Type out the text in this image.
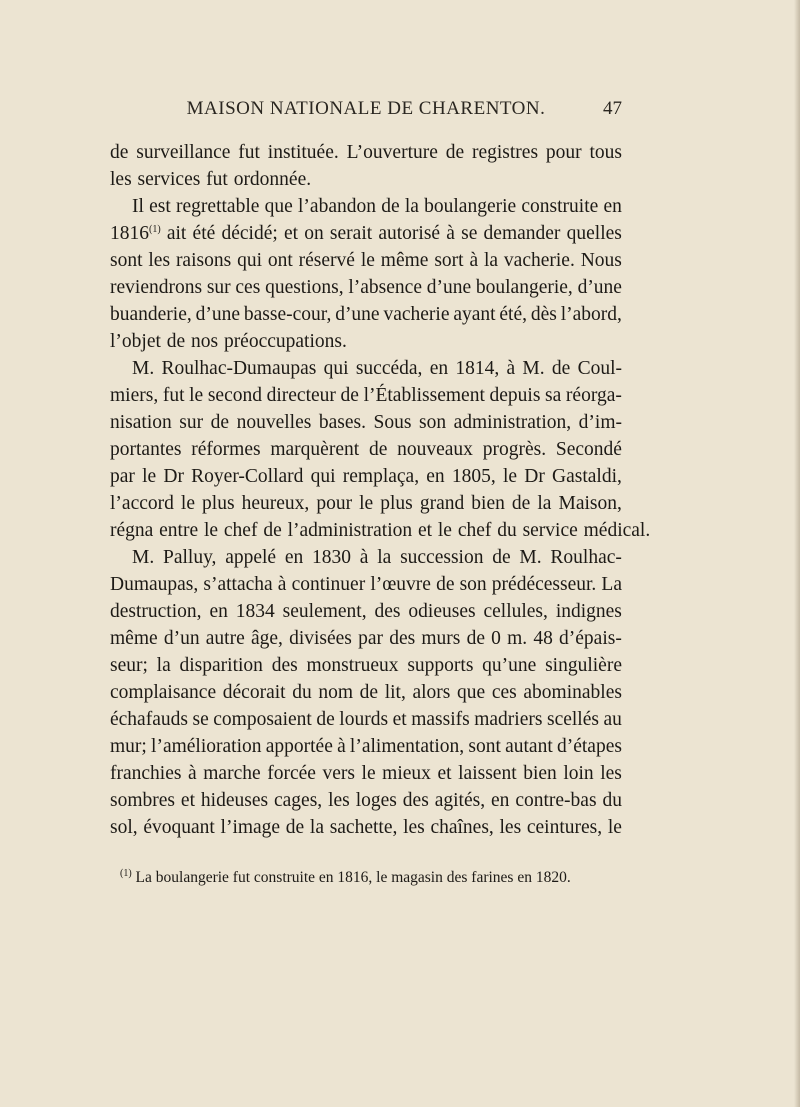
MAISON NATIONALE DE CHARENTON.	47
de surveillance fut instituée. L’ouverture de registres pour tous
les services fut ordonnée.
Il est regrettable que l’abandon de la boulangerie construite en
1816(1) ait été décidé; et on serait autorisé à se demander quelles
sont les raisons qui ont réservé le même sort à la vacherie. Nous
reviendrons sur ces questions, l’absence d’une boulangerie, d’une
buanderie, d’une basse-cour, d’une vacherie ayant été, dès l’abord,
l’objet de nos préoccupations.
M. Roulhac-Dumaupas qui succéda, en 1814, à M. de Coul-
miers, fut le second directeur de l’Établissement depuis sa réorga-
nisation sur de nouvelles bases. Sous son administration, d’im-
portantes réformes marquèrent de nouveaux progrès. Secondé
par le Dr Royer-Collard qui remplaça, en 1805, le Dr Gastaldi,
l’accord le plus heureux, pour le plus grand bien de la Maison,
régna entre le chef de l’administration et le chef du service médical.
M. Palluy, appelé en 1830 à la succession de M. Roulhac-
Dumaupas, s’attacha à continuer l’œuvre de son prédécesseur. La
destruction, en 1834 seulement, des odieuses cellules, indignes
même d’un autre âge, divisées par des murs de 0 m. 48 d’épais-
seur; la disparition des monstrueux supports qu’une singulière
complaisance décorait du nom de lit, alors que ces abominables
échafauds se composaient de lourds et massifs madriers scellés au
mur; l’amélioration apportée à l’alimentation, sont autant d’étapes
franchies à marche forcée vers le mieux et laissent bien loin les
sombres et hideuses cages, les loges des agités, en contre-bas du
sol, évoquant l’image de la sachette, les chaînes, les ceintures, le
$^{(1)}$ La boulangerie fut construite en 1816, le magasin des farines en 1820.
